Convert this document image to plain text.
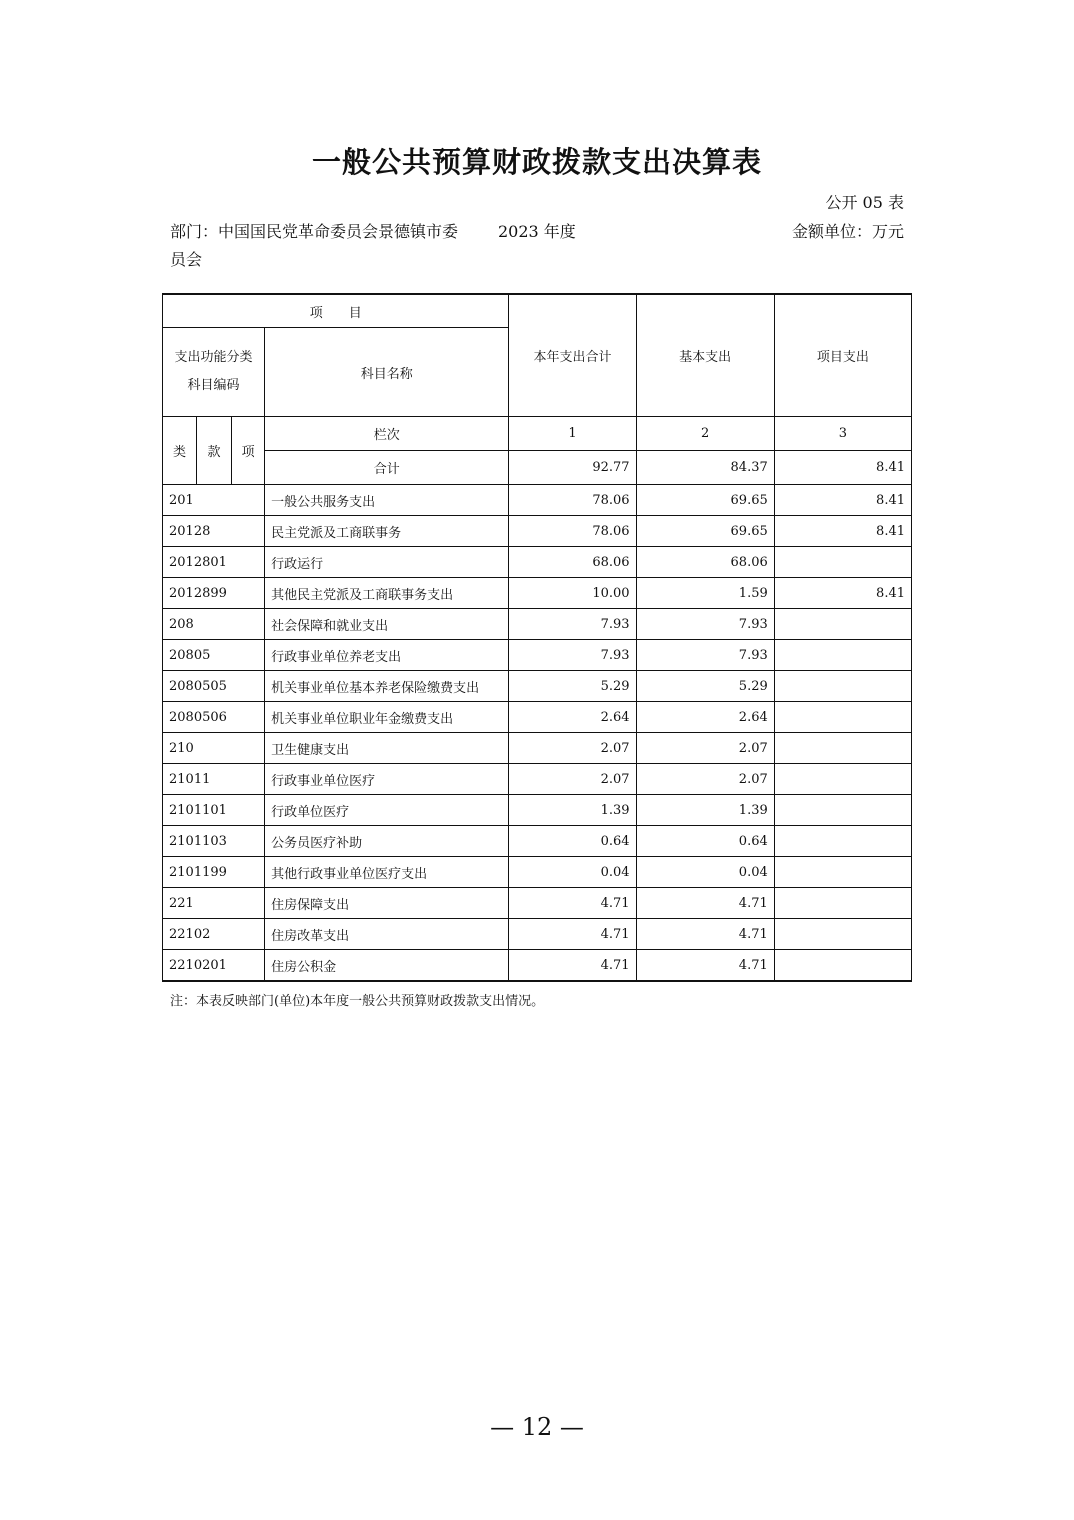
一般公共预算财政拨款支出决算表
公开 05 表
部门：中国国民党革命委员会景德镇市委员会
2023 年度	金额单位：万元
项　　目				本年支出合计	基本支出	项目支出
支出功能分类科目编码			科目名称			
类	款	项	栏次	1	2	3
			合计	92.77	84.37	8.41
201			一般公共服务支出	78.06	69.65	8.41
20128			民主党派及工商联事务	78.06	69.65	8.41
2012801			行政运行	68.06	68.06	
2012899			其他民主党派及工商联事务支出	10.00	1.59	8.41
208			社会保障和就业支出	7.93	7.93	
20805			行政事业单位养老支出	7.93	7.93	
2080505			机关事业单位基本养老保险缴费支出	5.29	5.29	
2080506			机关事业单位职业年金缴费支出	2.64	2.64	
210			卫生健康支出	2.07	2.07	
21011			行政事业单位医疗	2.07	2.07	
2101101			行政单位医疗	1.39	1.39	
2101103			公务员医疗补助	0.64	0.64	
2101199			其他行政事业单位医疗支出	0.04	0.04	
221			住房保障支出	4.71	4.71	
22102			住房改革支出	4.71	4.71	
2210201			住房公积金	4.71	4.71	
注：本表反映部门(单位)本年度一般公共预算财政拨款支出情况。
— 12 —
